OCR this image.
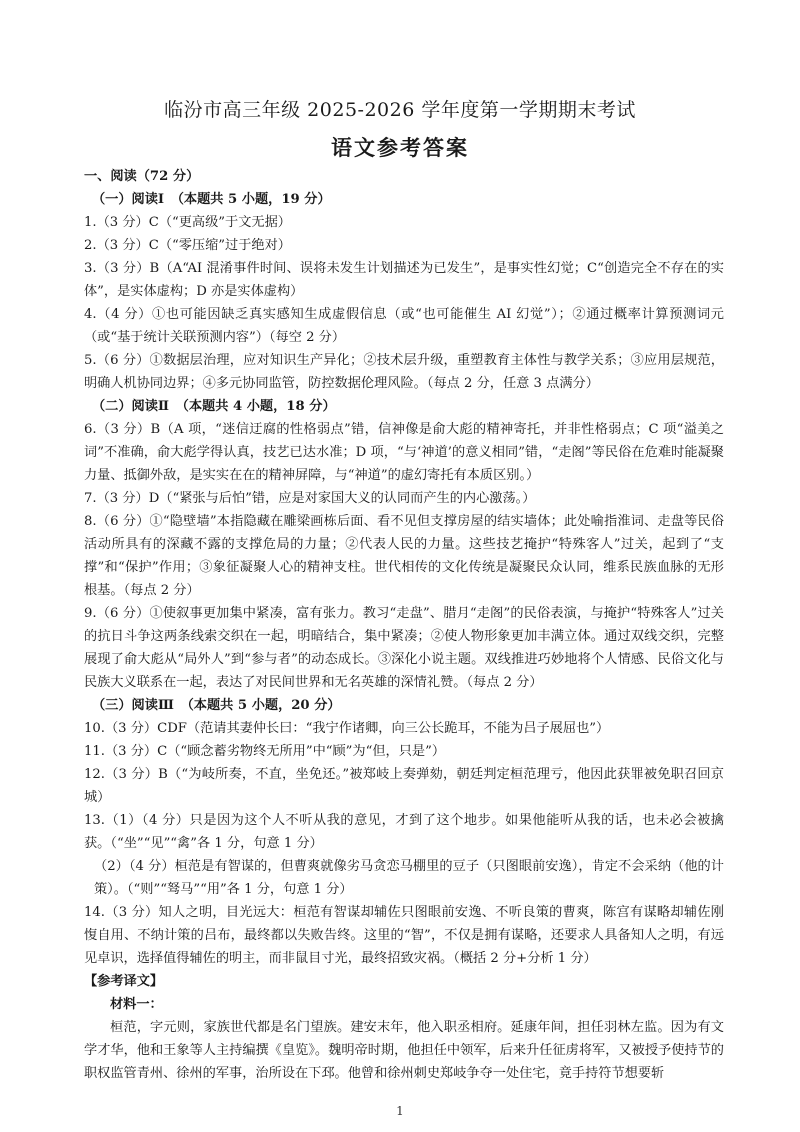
临汾市高三年级 2025-2026 学年度第一学期期末考试
语文参考答案

一、阅读（72 分）

（一）阅读Ⅰ　（本题共 5 小题，19 分）

1.（3 分）C（“更高级”于文无据）

2.（3 分）C（“零压缩”过于绝对）

3.（3 分）B（A“AI 混淆事件时间、误将未发生计划描述为已发生”，是事实性幻觉；C“创造完全不存在的实体”，是实体虚构；D 亦是实体虚构）

4.（4 分）①也可能因缺乏真实感知生成虚假信息（或“也可能催生 AI 幻觉”）；②通过概率计算预测词元（或“基于统计关联预测内容”）（每空 2 分）

5.（6 分）①数据层治理，应对知识生产异化；②技术层升级，重塑教育主体性与教学关系；③应用层规范，明确人机协同边界；④多元协同监管，防控数据伦理风险。（每点 2 分，任意 3 点满分）

（二）阅读Ⅱ　（本题共 4 小题，18 分）

6.（3 分）B（A 项，“迷信迂腐的性格弱点”错，信神像是俞大彪的精神寄托，并非性格弱点；C 项“溢美之词”不准确，俞大彪学得认真，技艺已达水准；D 项，“与‘神道’的意义相同”错，“走阁”等民俗在危难时能凝聚力量、抵御外敌，是实实在在的精神屏障，与“神道”的虚幻寄托有本质区别。）

7.（3 分）D（“紧张与后怕”错，应是对家国大义的认同而产生的内心激荡。）

8.（6 分）①“隐壁墙”本指隐藏在雕梁画栋后面、看不见但支撑房屋的结实墙体；此处喻指淮词、走盘等民俗活动所具有的深藏不露的支撑危局的力量；②代表人民的力量。这些技艺掩护“特殊客人”过关，起到了“支撑”和“保护”作用；③象征凝聚人心的精神支柱。世代相传的文化传统是凝聚民众认同，维系民族血脉的无形根基。（每点 2 分）

9.（6 分）①使叙事更加集中紧凑，富有张力。教习“走盘”、腊月“走阁”的民俗表演，与掩护“特殊客人”过关的抗日斗争这两条线索交织在一起，明暗结合，集中紧凑；②使人物形象更加丰满立体。通过双线交织，完整展现了俞大彪从“局外人”到“参与者”的动态成长。③深化小说主题。双线推进巧妙地将个人情感、民俗文化与民族大义联系在一起，表达了对民间世界和无名英雄的深情礼赞。（每点 2 分）

（三）阅读Ⅲ　（本题共 5 小题，20 分）

10.（3 分）CDF（范请其妻仲长曰：“我宁作诸卿，向三公长跪耳，不能为吕子展屈也”）

11.（3 分）C（“顾念蓄劣物终无所用”中“顾”为“但，只是”）

12.（3 分）B（“为岐所奏，不直，坐免还。”被郑岐上奏弹劾，朝廷判定桓范理亏，他因此获罪被免职召回京城）

13.（1）（4 分）只是因为这个人不听从我的意见，才到了这个地步。如果他能听从我的话，也未必会被擒获。（“坐”“见”“禽”各 1 分，句意 1 分）

（2）（4 分）桓范是有智谋的，但曹爽就像劣马贪恋马棚里的豆子（只图眼前安逸），肯定不会采纳（他的计策）。（“则”“驽马”“用”各 1 分，句意 1 分）

14.（3 分）知人之明，目光远大：桓范有智谋却辅佐只图眼前安逸、不听良策的曹爽，陈宫有谋略却辅佐刚愎自用、不纳计策的吕布，最终都以失败告终。这里的“智”，不仅是拥有谋略，还要求人具备知人之明，有远见卓识，选择值得辅佐的明主，而非鼠目寸光，最终招致灾祸。（概括 2 分+分析 1 分）

【参考译文】

材料一：

桓范，字元则，家族世代都是名门望族。建安末年，他入职丞相府。延康年间，担任羽林左监。因为有文学才华，他和王象等人主持编撰《皇览》。魏明帝时期，他担任中领军，后来升任征虏将军，又被授予使持节的职权监管青州、徐州的军事，治所设在下邳。他曾和徐州刺史郑岐争夺一处住宅，竟手持符节想要斩

1
